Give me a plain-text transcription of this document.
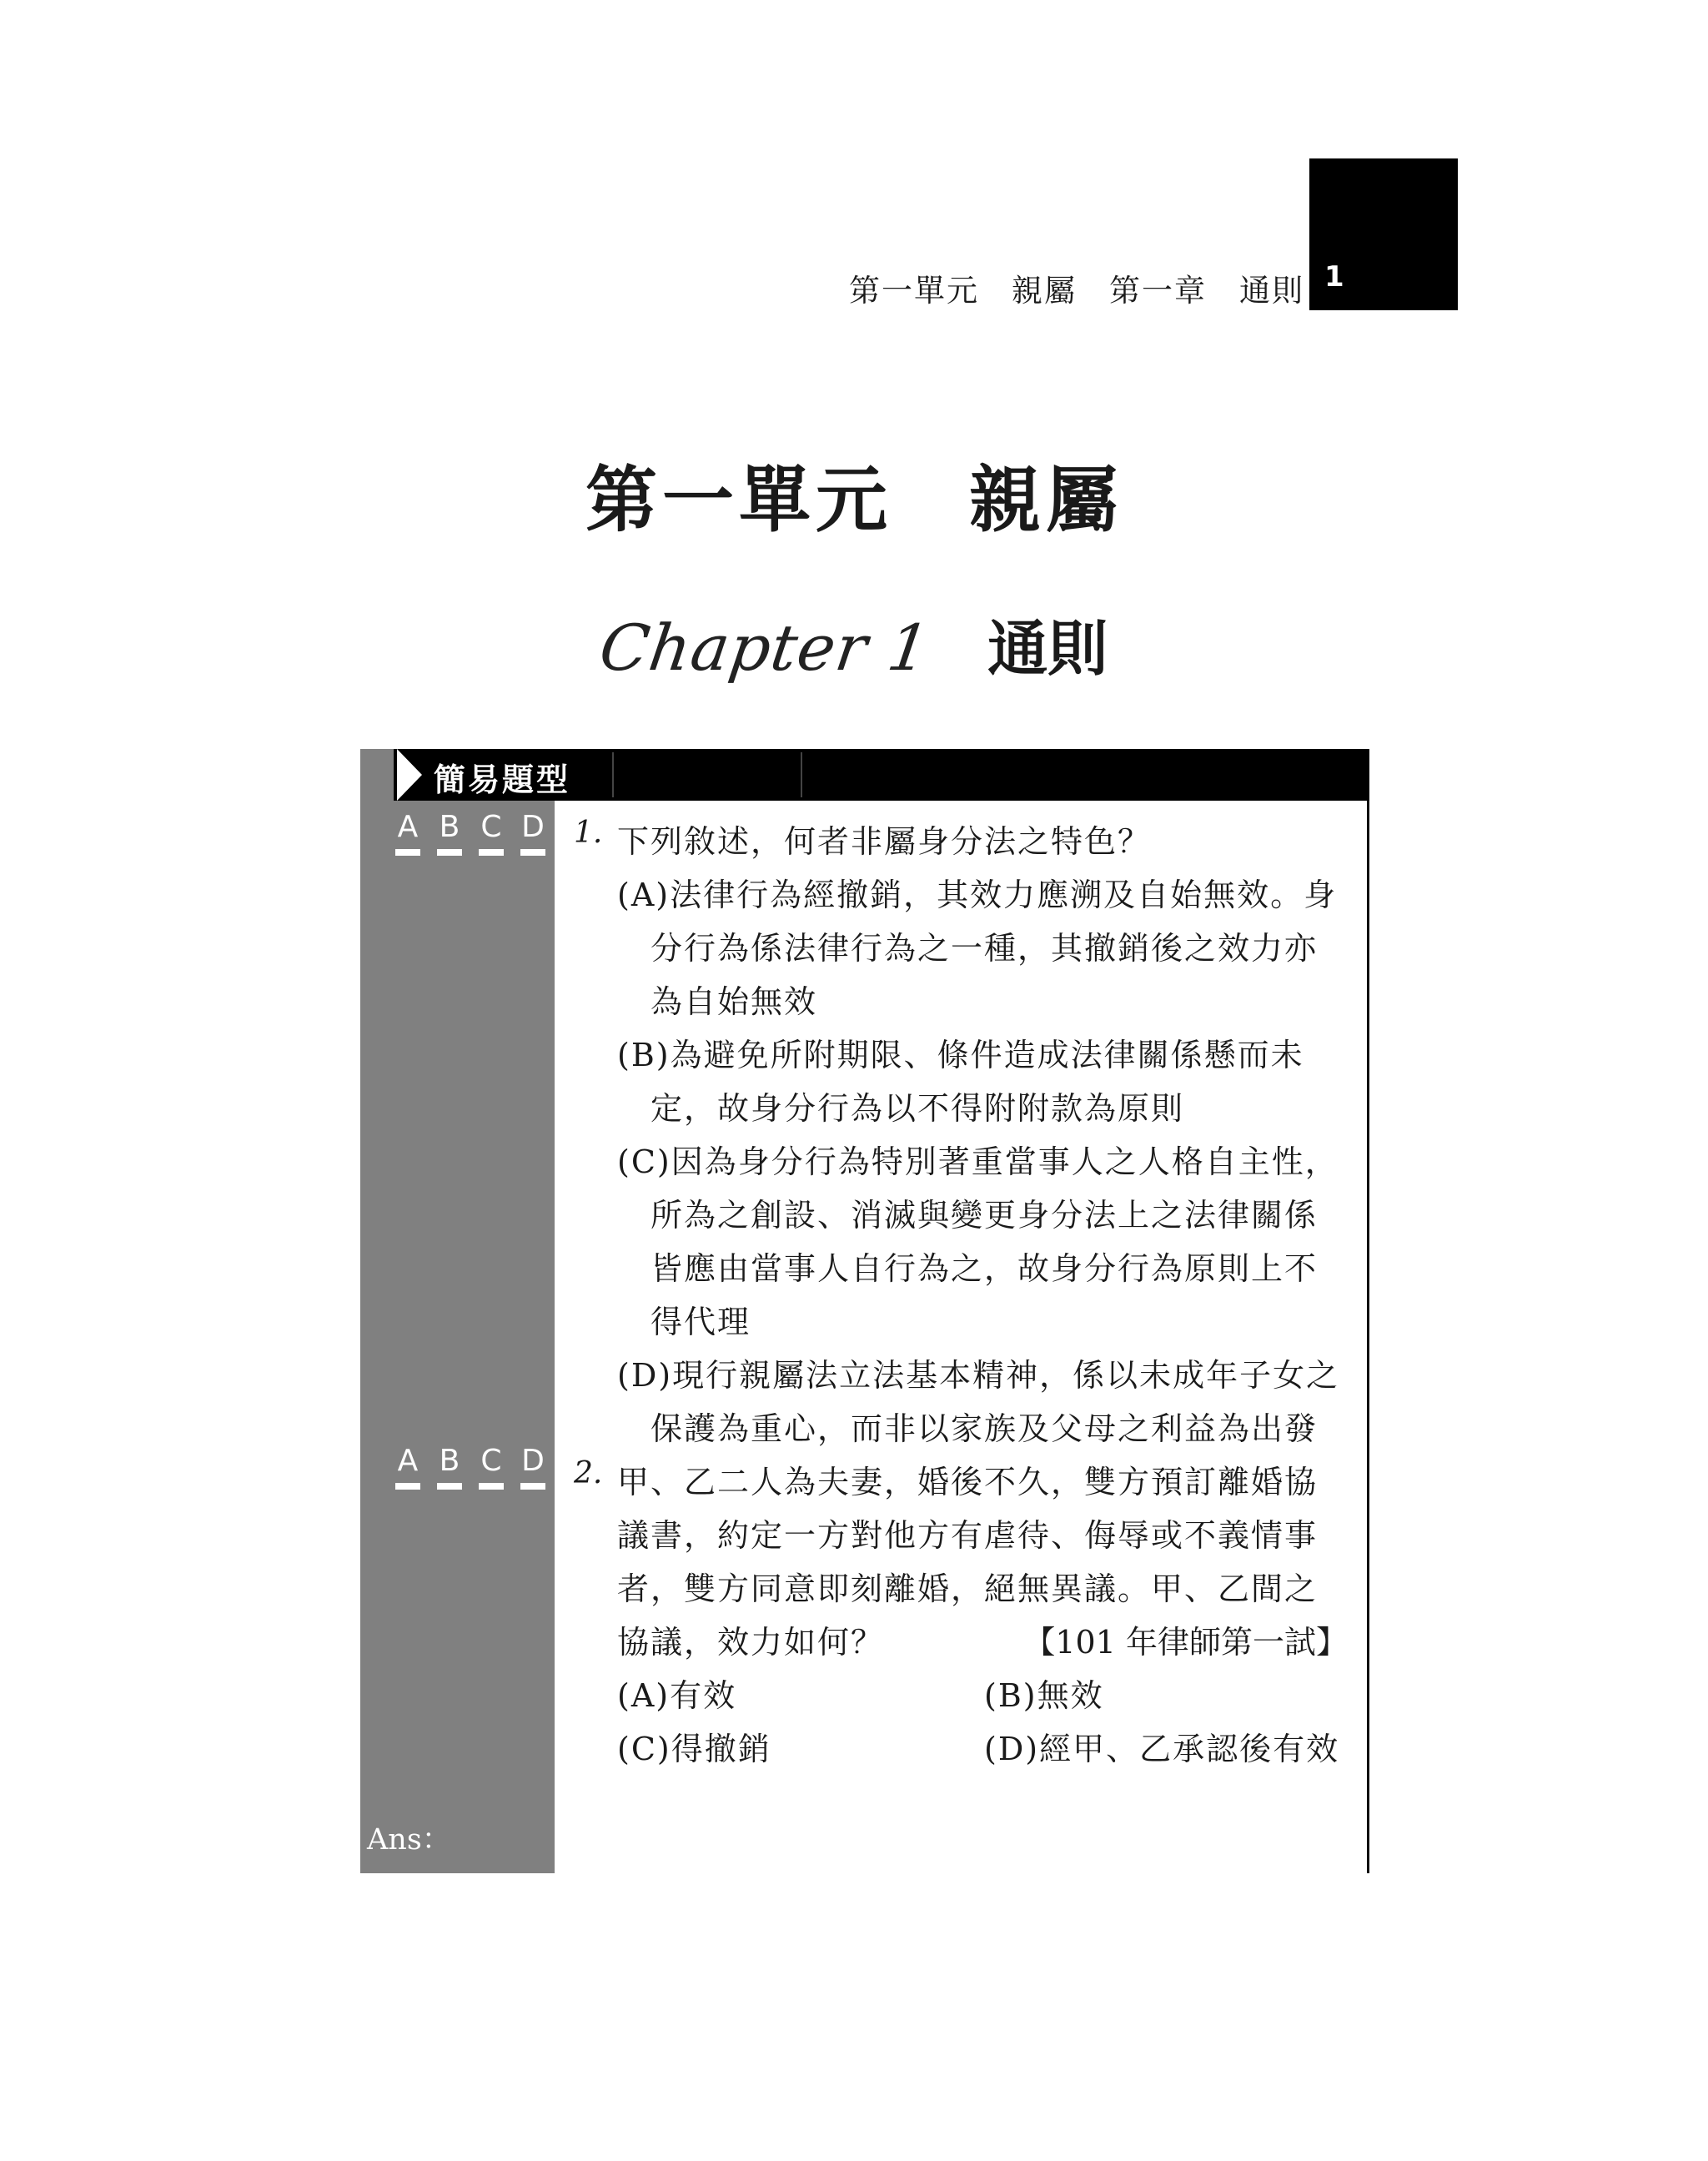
第一單元　親屬　第一章　通則 1
第一單元　親屬
Chapter 1 通則
簡易題型
A B C D
A B C D
Ans：
(A)、(B)
1. 下列敘述，何者非屬身分法之特色？
(A)法律行為經撤銷，其效力應溯及自始無效。身
分行為係法律行為之一種，其撤銷後之效力亦
為自始無效
(B)為避免所附期限、條件造成法律關係懸而未
定，故身分行為以不得附附款為原則
(C)因為身分行為特別著重當事人之人格自主性，
所為之創設、消滅與變更身分法上之法律關係
皆應由當事人自行為之，故身分行為原則上不
得代理
(D)現行親屬法立法基本精神，係以未成年子女之
保護為重心，而非以家族及父母之利益為出發
2. 甲、乙二人為夫妻，婚後不久，雙方預訂離婚協
議書，約定一方對他方有虐待、侮辱或不義情事
者，雙方同意即刻離婚，絕無異議。甲、乙間之
協議，效力如何？	【101 年律師第一試】
(A)有效	(B)無效
(C)得撤銷	(D)經甲、乙承認後有效
